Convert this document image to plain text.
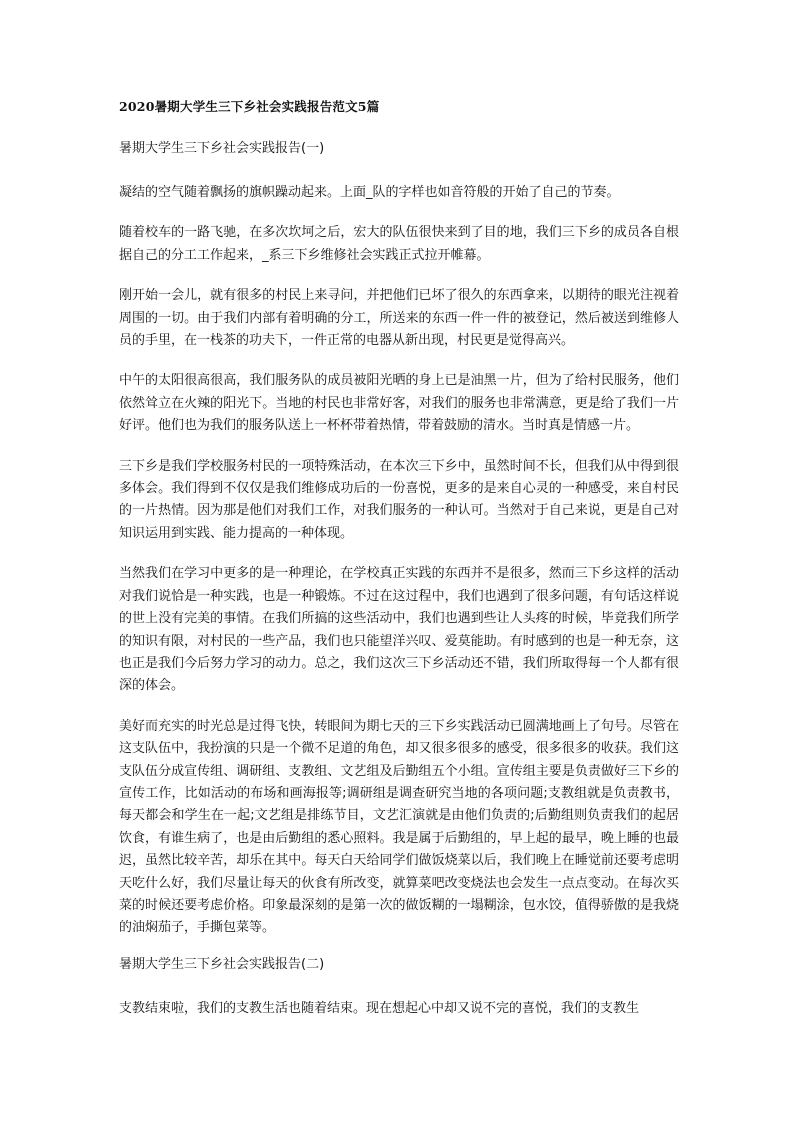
2020暑期大学生三下乡社会实践报告范文5篇
暑期大学生三下乡社会实践报告(一)

凝结的空气随着飘扬的旗帜躁动起来。上面_队的字样也如音符般的开始了自己的节奏。

随着校车的一路飞驰，在多次坎坷之后，宏大的队伍很快来到了目的地，我们三下乡的成员各自根据自己的分工工作起来，_系三下乡维修社会实践正式拉开帷幕。

刚开始一会儿，就有很多的村民上来寻问，并把他们已坏了很久的东西拿来，以期待的眼光注视着周围的一切。由于我们内部有着明确的分工，所送来的东西一件一件的被登记，然后被送到维修人员的手里，在一栈茶的功夫下，一件正常的电器从新出现，村民更是觉得高兴。

中午的太阳很高很高，我们服务队的成员被阳光晒的身上已是油黑一片，但为了给村民服务，他们依然耸立在火辣的阳光下。当地的村民也非常好客，对我们的服务也非常满意，更是给了我们一片好评。他们也为我们的服务队送上一杯杯带着热情，带着鼓励的清水。当时真是情感一片。

三下乡是我们学校服务村民的一项特殊活动，在本次三下乡中，虽然时间不长，但我们从中得到很多体会。我们得到不仅仅是我们维修成功后的一份喜悦，更多的是来自心灵的一种感受，来自村民的一片热情。因为那是他们对我们工作，对我们服务的一种认可。当然对于自己来说，更是自己对知识运用到实践、能力提高的一种体现。

当然我们在学习中更多的是一种理论，在学校真正实践的东西并不是很多，然而三下乡这样的活动对我们说恰是一种实践，也是一种锻炼。不过在这过程中，我们也遇到了很多问题，有句话这样说的世上没有完美的事情。在我们所搞的这些活动中，我们也遇到些让人头疼的时候，毕竟我们所学的知识有限，对村民的一些产品，我们也只能望洋兴叹、爱莫能助。有时感到的也是一种无奈，这也正是我们今后努力学习的动力。总之，我们这次三下乡活动还不错，我们所取得每一个人都有很深的体会。

美好而充实的时光总是过得飞快，转眼间为期七天的三下乡实践活动已圆满地画上了句号。尽管在这支队伍中，我扮演的只是一个微不足道的角色，却又很多很多的感受，很多很多的收获。我们这支队伍分成宣传组、调研组、支教组、文艺组及后勤组五个小组。宣传组主要是负责做好三下乡的宣传工作，比如活动的布场和画海报等;调研组是调查研究当地的各项问题;支教组就是负责教书，每天都会和学生在一起;文艺组是排练节目，文艺汇演就是由他们负责的;后勤组则负责我们的起居饮食，有谁生病了，也是由后勤组的悉心照料。我是属于后勤组的，早上起的最早，晚上睡的也最迟，虽然比较辛苦，却乐在其中。每天白天给同学们做饭烧菜以后，我们晚上在睡觉前还要考虑明天吃什么好，我们尽量让每天的伙食有所改变，就算菜吧改变烧法也会发生一点点变动。在每次买菜的时候还要考虑价格。印象最深刻的是第一次的做饭糊的一塌糊涂，包水饺，值得骄傲的是我烧的油焖茄子，手撕包菜等。

暑期大学生三下乡社会实践报告(二)

支教结束啦，我们的支教生活也随着结束。现在想起心中却又说不完的喜悦，我们的支教生
